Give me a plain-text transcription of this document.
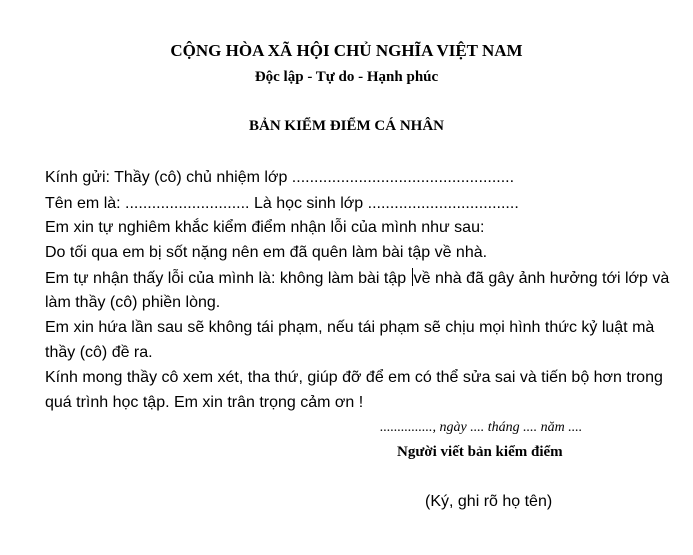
CỘNG HÒA XÃ HỘI CHỦ NGHĨA VIỆT NAM
Độc lập - Tự do - Hạnh phúc
BẢN KIỂM ĐIỂM CÁ NHÂN
Kính gửi: Thầy (cô) chủ nhiệm lớp ..................................................
Tên em là: ............................ Là học sinh lớp ..................................
Em xin tự nghiêm khắc kiểm điểm nhận lỗi của mình như sau:
Do tối qua em bị sốt nặng nên em đã quên làm bài tập về nhà.
Em tự nhận thấy lỗi của mình là: không làm bài tập về nhà đã gây ảnh hưởng tới lớp và
làm thầy (cô) phiền lòng.
Em xin hứa lần sau sẽ không tái phạm, nếu tái phạm sẽ chịu mọi hình thức kỷ luật mà
thầy (cô) đề ra.
Kính mong thầy cô xem xét, tha thứ, giúp đỡ để em có thể sửa sai và tiến bộ hơn trong
quá trình học tập. Em xin trân trọng cảm ơn !
..............., ngày .... tháng .... năm ....
Người viết bản kiểm điểm
(Ký, ghi rõ họ tên)
